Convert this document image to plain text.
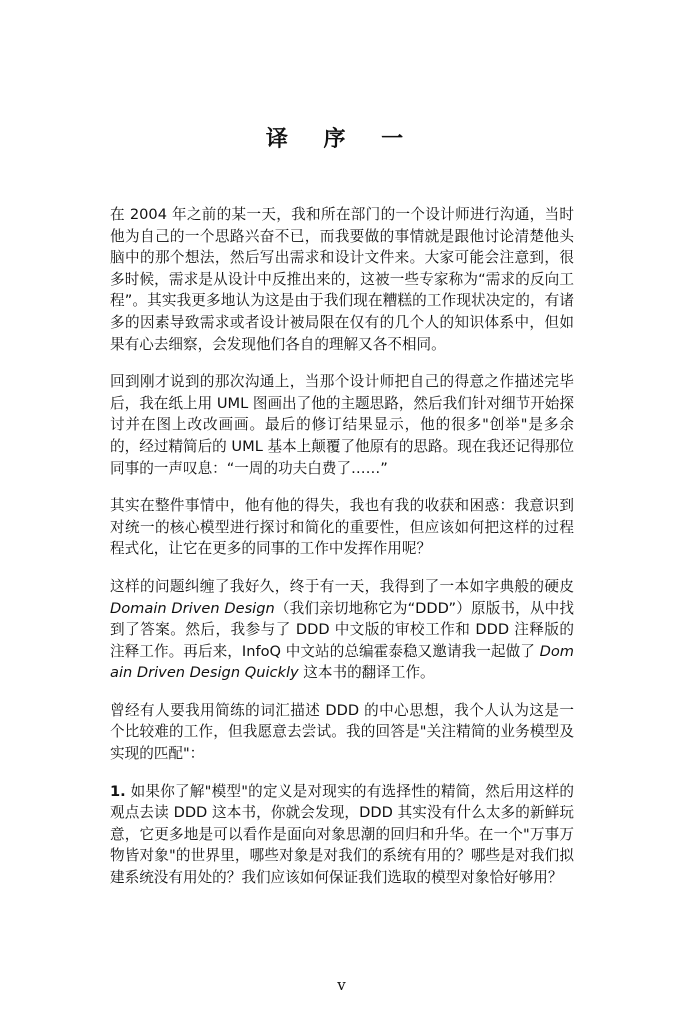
译 序 一

在 2004 年之前的某一天，我和所在部门的一个设计师进行沟通，当时他为自己的一个思路兴奋不已，而我要做的事情就是跟他讨论清楚他头脑中的那个想法，然后写出需求和设计文件来。大家可能会注意到，很多时候，需求是从设计中反推出来的，这被一些专家称为“需求的反向工程”。其实我更多地认为这是由于我们现在糟糕的工作现状决定的，有诸多的因素导致需求或者设计被局限在仅有的几个人的知识体系中，但如果有心去细察，会发现他们各自的理解又各不相同。

回到刚才说到的那次沟通上，当那个设计师把自己的得意之作描述完毕后，我在纸上用 UML 图画出了他的主题思路，然后我们针对细节开始探讨并在图上改改画画。最后的修订结果显示，他的很多"创举"是多余的，经过精简后的 UML 基本上颠覆了他原有的思路。现在我还记得那位同事的一声叹息：“一周的功夫白费了……”

其实在整件事情中，他有他的得失，我也有我的收获和困惑：我意识到对统一的核心模型进行探讨和简化的重要性，但应该如何把这样的过程程式化，让它在更多的同事的工作中发挥作用呢？

这样的问题纠缠了我好久，终于有一天，我得到了一本如字典般的硬皮 Domain Driven Design（我们亲切地称它为“DDD”）原版书，从中找到了答案。然后，我参与了 DDD 中文版的审校工作和 DDD 注释版的注释工作。再后来，InfoQ 中文站的总编霍泰稳又邀请我一起做了 Domain Driven Design Quickly 这本书的翻译工作。

曾经有人要我用简练的词汇描述 DDD 的中心思想，我个人认为这是一个比较难的工作，但我愿意去尝试。我的回答是"关注精简的业务模型及实现的匹配"：

1. 如果你了解"模型"的定义是对现实的有选择性的精简，然后用这样的观点去读 DDD 这本书，你就会发现，DDD 其实没有什么太多的新鲜玩意，它更多地是可以看作是面向对象思潮的回归和升华。在一个"万事万物皆对象"的世界里，哪些对象是对我们的系统有用的？哪些是对我们拟建系统没有用处的？我们应该如何保证我们选取的模型对象恰好够用？

v
